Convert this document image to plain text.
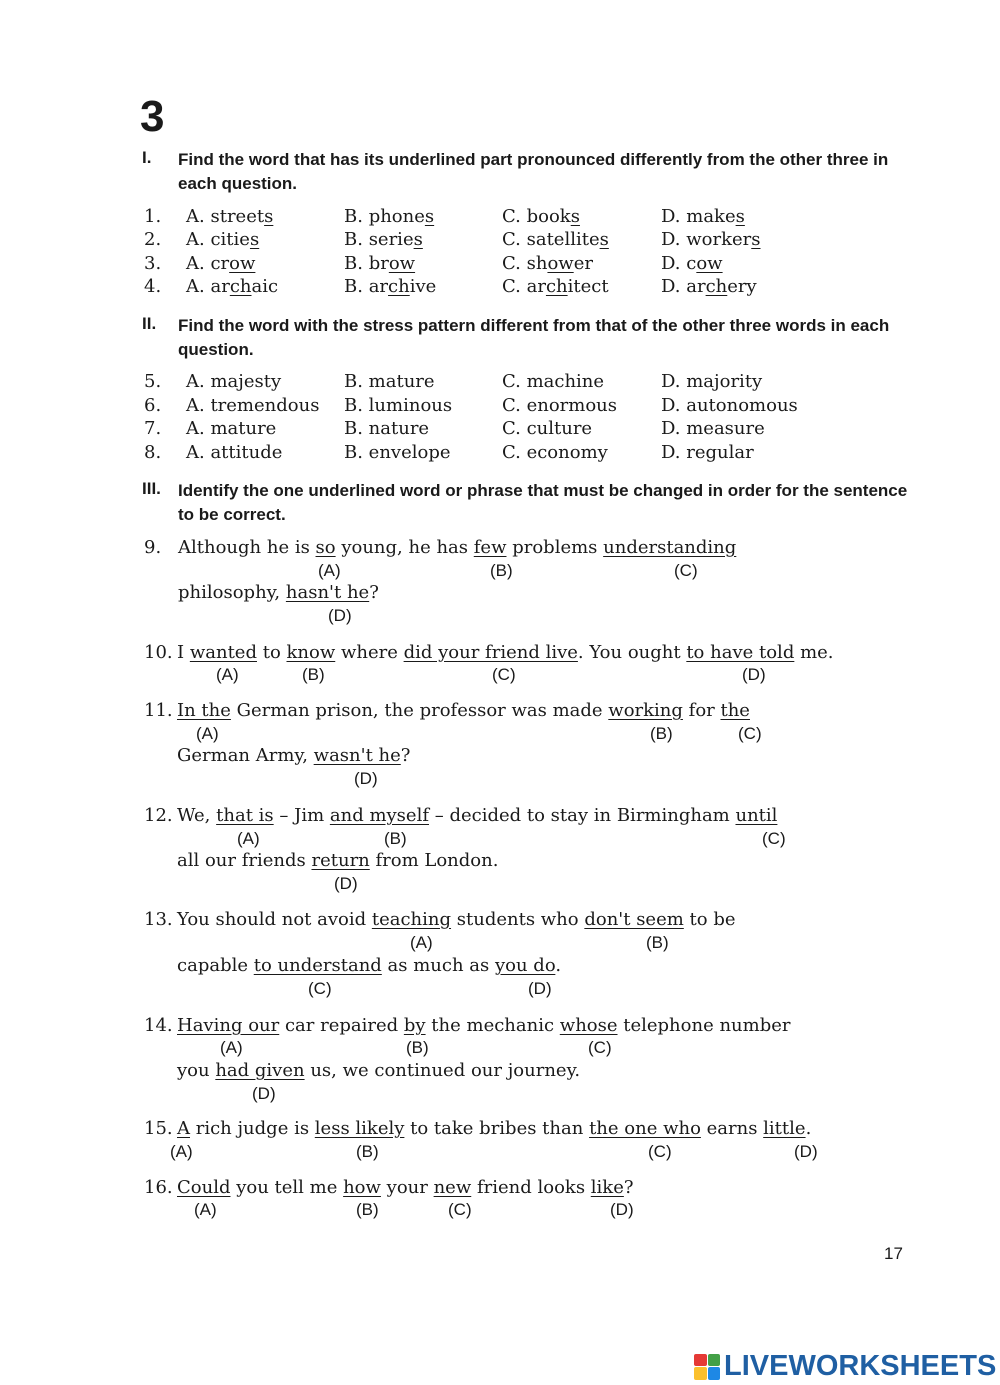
3
I. Find the word that has its underlined part pronounced differently from the other three in each question.
1. A. streets	B. phones	C. books	D. makes
2. A. cities	B. series	C. satellites	D. workers
3. A. crow	B. brow	C. shower	D. cow
4. A. archaic	B. archive	C. architect	D. archery
II. Find the word with the stress pattern different from that of the other three words in each question.
5. A. majesty	B. mature	C. machine	D. majority
6. A. tremendous B. luminous	C. enormous D. autonomous
7. A. mature	B. nature	C. culture	D. measure
8. A. attitude	B. envelope	C. economy	D. regular
III. Identify the one underlined word or phrase that must be changed in order for the sentence to be correct.
9. Although he is so young, he has few problems understanding
(A)	(B)	(C)
philosophy, hasn't he?
(D)
10. I wanted to know where did your friend live. You ought to have told me.
(A)	(B)	(C)	(D)
11. In the German prison, the professor was made working for the
(A)	(B)	(C)
German Army, wasn't he?
(D)
12. We, that is – Jim and myself – decided to stay in Birmingham until
(A)	(B)	(C)
all our friends return from London.
(D)
13. You should not avoid teaching students who don't seem to be
(A)	(B)
capable to understand as much as you do.
(C)	(D)
14. Having our car repaired by the mechanic whose telephone number
(A)	(B)	(C)
you had given us, we continued our journey.
(D)
15. A rich judge is less likely to take bribes than the one who earns little.
(A)	(B)	(C)	(D)
16. Could you tell me how your new friend looks like?
(A)	(B)	(C)	(D)
17
LIVEWORKSHEETS
